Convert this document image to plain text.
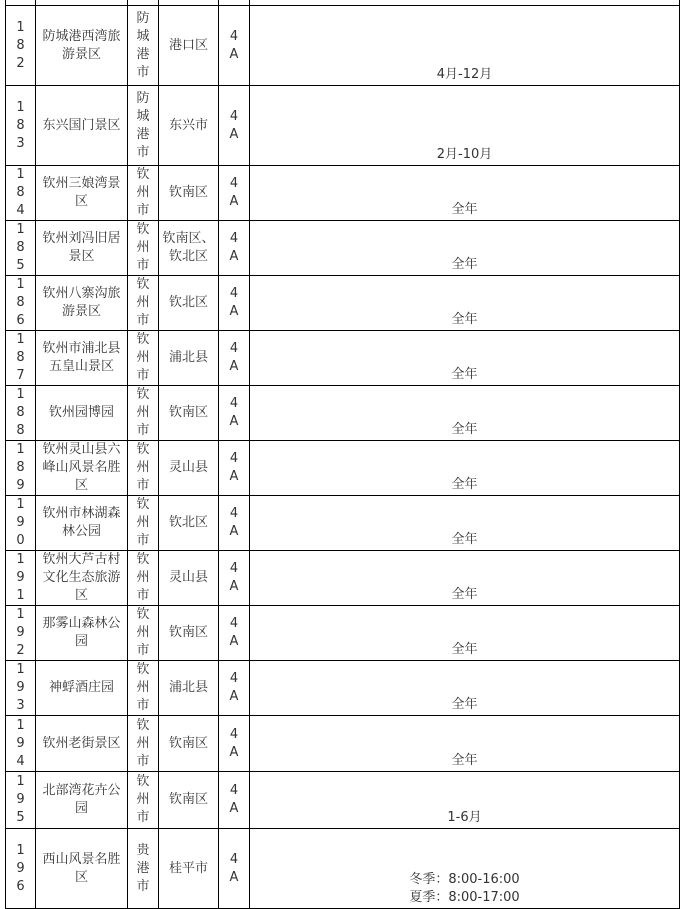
182	防城港西湾旅游景区	防城港市	港口区	4A	4月-12月

183	东兴国门景区	防城港市	东兴市	4A	2月-10月

184	钦州三娘湾景区	钦州市	钦南区	4A	全年

185	钦州刘冯旧居景区	钦州市	钦南区、钦北区	4A	全年

186	钦州八寨沟旅游景区	钦州市	钦北区	4A	全年

187	钦州市浦北县五皇山景区	钦州市	浦北县	4A	全年

188	钦州园博园	钦州市	钦南区	4A	全年

189	钦州灵山县六峰山风景名胜区	钦州市	灵山县	4A	全年

190	钦州市林湖森林公园	钦州市	钦北区	4A	全年

191	钦州大芦古村文化生态旅游区	钦州市	灵山县	4A	全年

192	那雾山森林公园	钦州市	钦南区	4A	全年

193	神蜉酒庄园	钦州市	浦北县	4A	全年

194	钦州老街景区	钦州市	钦南区	4A	全年

195	北部湾花卉公园	钦州市	钦南区	4A	1-6月

196	西山风景名胜区	贵港市	桂平市	4A	冬季：8:00-16:00
夏季：8:00-17:00
